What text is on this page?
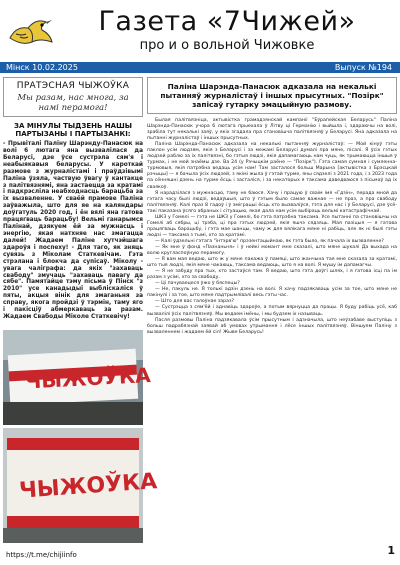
Газета «7Чижей»
про и о вольной Чижовке
Мінск 10.02.2025	Выпуск №194
ПРАТЭСНАЯ ЧЫЖОЎКА
Мы разам, нас многа, за намі перамога!
ЗА МІНУЛЫ ТЫДЗЕНЬ НАШЫ ПАРТЫЗАНЫ І ПАРТЫЗАНКІ:
- Прывіталі Паліну Шарэнду-Панасюк на волі 6 лютага яна вызвалілася да Беларусі, дзе ўсе сустрэла сям'я і неабыякавыя беларусы. У кароткай размове з журналістамі і праўдзівымі Паліна ўзяла, частвую ўвагу ў кантакце з палітвязнямі, яна застаецца за кратамі і падкрэсліла неабходнасць барацьба за іх вызваленне. У сваёй прамове Паліна заўважыла, што для яе на каляндары доўгатуль 2020 год, і ён вялі яна гатова працягваць барацьбу! Вельмі ганарымся Палінай, дзякуем ёй за мужнасць і энергію, якая натхняе нас змагацца далей! Жадаем Паліне хутчэйшага здароўя і поспеху! - Для таго, як зняць сувязь з Міколам Статкевічам. Гэта стрэлана і блокча да супісаў. Міколу - увага чаліграфа: да якіх "захаваць свабоду" змучаць "захаваць павагу да сябе". Памятайце тэму пісьма ў Пінск "з 2010" усе канадыдыі выбліскаліся ў пяты, акцыя вінік для змаганьня за справу, якога пройдзі ў тэрмін, таму яго і пакісціў абмеркаваць за разам. Жадаем Свабоды Міколе Статкевічу!
ЧЫЖОЎКА
ЧЫЖОЎКА
Паліна Шарэнда-Панасюк адказала на некалькі пытанняў журналістаў і іншых прысутных. "Позірк" запісаў гутарку эмацыйную размову.

Былая палітвязніца, актывістка грамадзянскай кампаніі "Еўрапейская Беларусь" Паліна Шарэнда-Панасюк учора 6 лютага прыехала ў Літву ці Германію і выйшла і, здараючы на волі, зрабіла тут некалькі заяў, у якіх згадала пра становішча палітвязняў у Беларусі. Яна адказала на пытанні журналістаў і іншых прысутных.

Паліна Шарэнда-Панасюк адказала на некалькі пытанняў журналістаў: — Мой кінуў гэты паклон усім людзям, якія з Беларусі і за межамі Беларусі думалі пра мяне, пісалі. Я ўсіх гэтых людзей раблю за іх палітвязні, бо гэтыя людзі, якія дапамагаюць нам чуць, як трымаюцца іншыя ў турмах, і не мой знаёмы дзе. Ва 24 (у Рэчыцкім раёне — "Позірк"). Гэта самая сумная і сумленна-турмовыя, якія патрэбна ведаць усім нам! Там засталося больш Марына [актывістка з Брэсцкай рэчыцы] — я бачыла ўсіх людзей, з якімі жыла ў гэтай турме, яны сядзелі з 2021 года, і з 2023 года па сённяшні дзень на турме ёсць і засталіся, і за некаторых я таксама даведваюся з пісьмаў ад іх сваякоў.

Я нарадзілася з мужнасцю, таму не баюся. Хачу і працую ў сваім імя «Гдзін», перада мной да гэтага часу былі людзі, ведаўшыя, што ў гэтым было самае важнае — не праз, а пра свабоду палітвязняў. Калі праз 8 гадоў і ў эміграцыі ёсць хто вызваліўся, гэта для нас і ў Беларусі, дзе ўсё-такі паказана ўсяго абраных і сітуацыю, якая дала нам усім выбіраць вельмі катастрафічнай.

ШКЗ у Гомелі — гэта не ШКЗ у Гомелі, бо гэта патрэбна таксама. Усе пытанні па становішчы на Гомелі аб сябры, ці трэба, ці пра гэтых людзей, якія яшчэ сядзяць. Мая пазіцыя — я гатова працягваць барацьбу, і гэта мае шанцы, чаму ж для вялікага мяне ні рабіць, але як ні былі гэты людзі — таксама з тымі, хто за кратамі.

— Калі ўдзельні гэтага "інтэрв'ю" прэзентацыйнаю, як гэта было, як пачала іх вызваленне?

— Як мне ў фонд «Пазнаньня» і ў нейкі момант мне сказалі, што мяне шукалі Да выхада на волю кругласпоўную перамогу.

— Я вам мая ведаю, што ж у мяне пакажа ў памяці, што жанчына тая мне сказала за кратамі, што тыя людзі, якія мяне чакаюць, таксама ведаюць, што я на волі. Я мушу ім дапамагчы.

— Я не забуду пра тых, хто застаўся там. Я ведаю, што гэта доўгі шлях, і я гатова ісці па ім разам з усімі, хто за свабоду.

— Ці пачуваецеся ўжо ў бяспецы?

— Не, пакуль не. Я толькі адзін дзень на волі. Я хачу падзякаваць усім за тое, што мяне не пакінулі і за тое, што мяне падтрымлівалі весь гэты час.

— Што для вас галоўнае зараз?

— Сустрэцца з сям'ёй і аднавіць здароўе, а потым вярнуцца да працы. Я буду рабіць усё, каб вызвалілі ўсіх палітвязняў. Мы ведаем імёны, і мы будзем іх называць.

Пасля размовы Паліна падзякавала ўсім прысутным і адзначыла, што неўзабаве выступіць з больш падрабязнай заявай аб умовах утрымання і лёсе іншых палітвязняў. Віншуем Паліну з вызваленнем і жадаем ёй сіл! Жыве Беларусь!

https://t.me/chijiinfo	1
